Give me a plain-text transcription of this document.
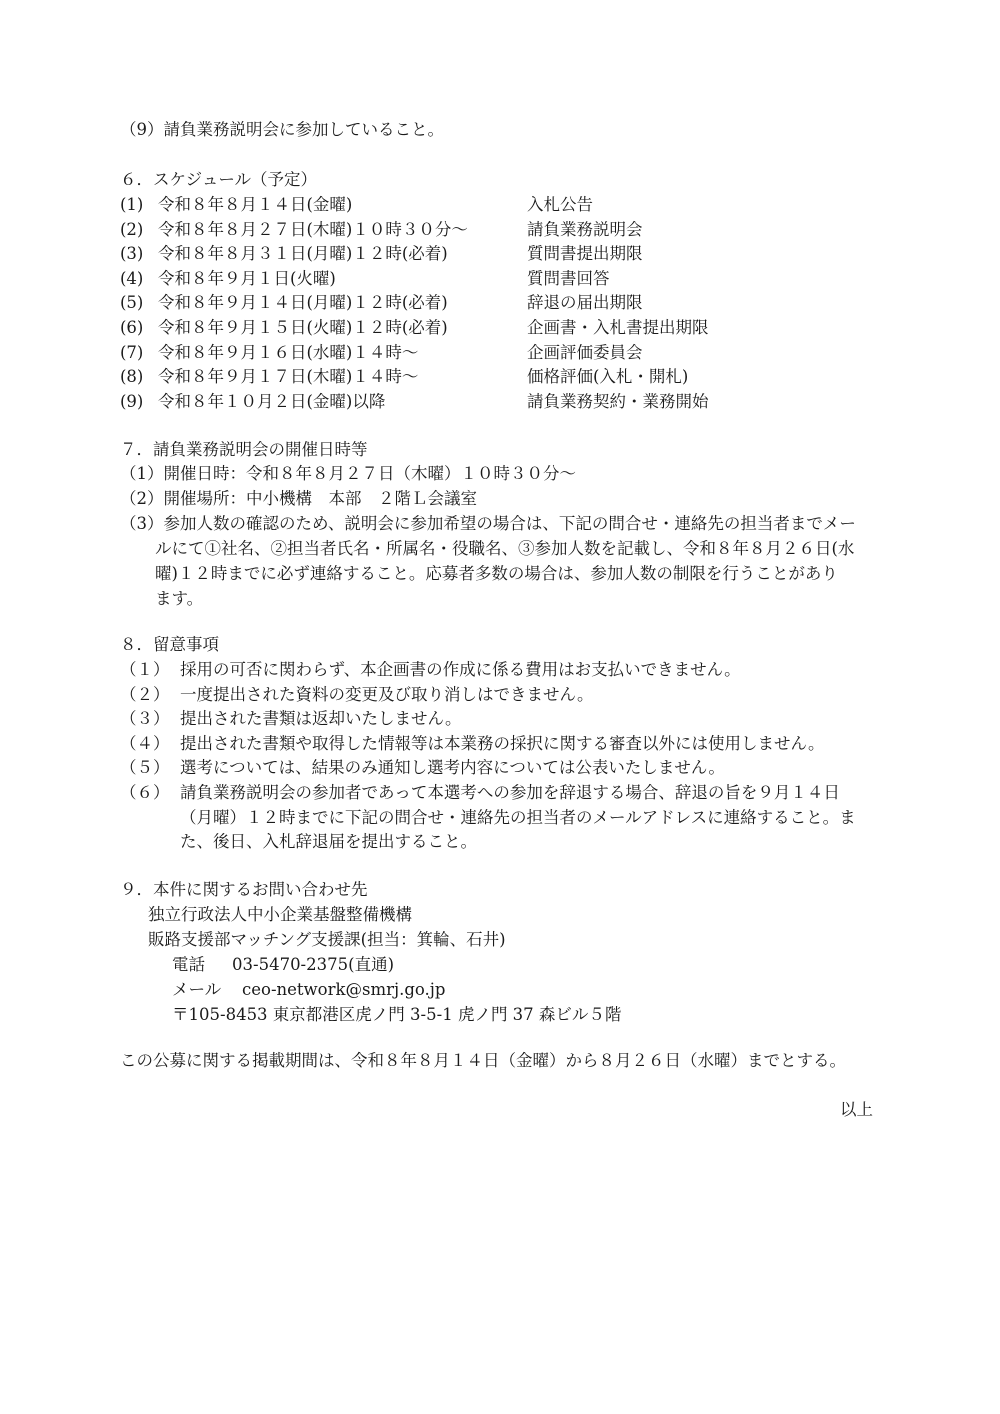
（9）請負業務説明会に参加していること。
６．スケジュール（予定）
(1) 令和８年８月１４日(金曜)	入札公告
(2) 令和８年８月２７日(木曜)１０時３０分～	請負業務説明会
(3) 令和８年８月３１日(月曜)１２時(必着)	質問書提出期限
(4) 令和８年９月１日(火曜)	質問書回答
(5) 令和８年９月１４日(月曜)１２時(必着)	辞退の届出期限
(6) 令和８年９月１５日(火曜)１２時(必着)	企画書・入札書提出期限
(7) 令和８年９月１６日(水曜)１４時～	企画評価委員会
(8) 令和８年９月１７日(木曜)１４時～	価格評価(入札・開札)
(9) 令和８年１０月２日(金曜)以降	請負業務契約・業務開始
７．請負業務説明会の開催日時等
（1）開催日時：令和８年８月２７日（木曜）１０時３０分～
（2）開催場所：中小機構　本部　２階Ｌ会議室
（3）参加人数の確認のため、説明会に参加希望の場合は、下記の問合せ・連絡先の担当者までメー
ルにて①社名、②担当者氏名・所属名・役職名、③参加人数を記載し、令和８年８月２６日(水
曜)１２時までに必ず連絡すること。応募者多数の場合は、参加人数の制限を行うことがあり
ます。
８．留意事項
（１） 採用の可否に関わらず、本企画書の作成に係る費用はお支払いできません。
（２） 一度提出された資料の変更及び取り消しはできません。
（３） 提出された書類は返却いたしません。
（４） 提出された書類や取得した情報等は本業務の採択に関する審査以外には使用しません。
（５） 選考については、結果のみ通知し選考内容については公表いたしません。
（６） 請負業務説明会の参加者であって本選考への参加を辞退する場合、辞退の旨を９月１４日
（月曜）１２時までに下記の問合せ・連絡先の担当者のメールアドレスに連絡すること。ま
た、後日、入札辞退届を提出すること。
９．本件に関するお問い合わせ先
独立行政法人中小企業基盤整備機構
販路支援部マッチング支援課(担当：箕輪、石井)
電話 03-5470-2375(直通)
メール ceo-network@smrj.go.jp
〒105-8453 東京都港区虎ノ門 3-5-1 虎ノ門 37 森ビル５階
この公募に関する掲載期間は、令和８年８月１４日（金曜）から８月２６日（水曜）までとする。
以上
